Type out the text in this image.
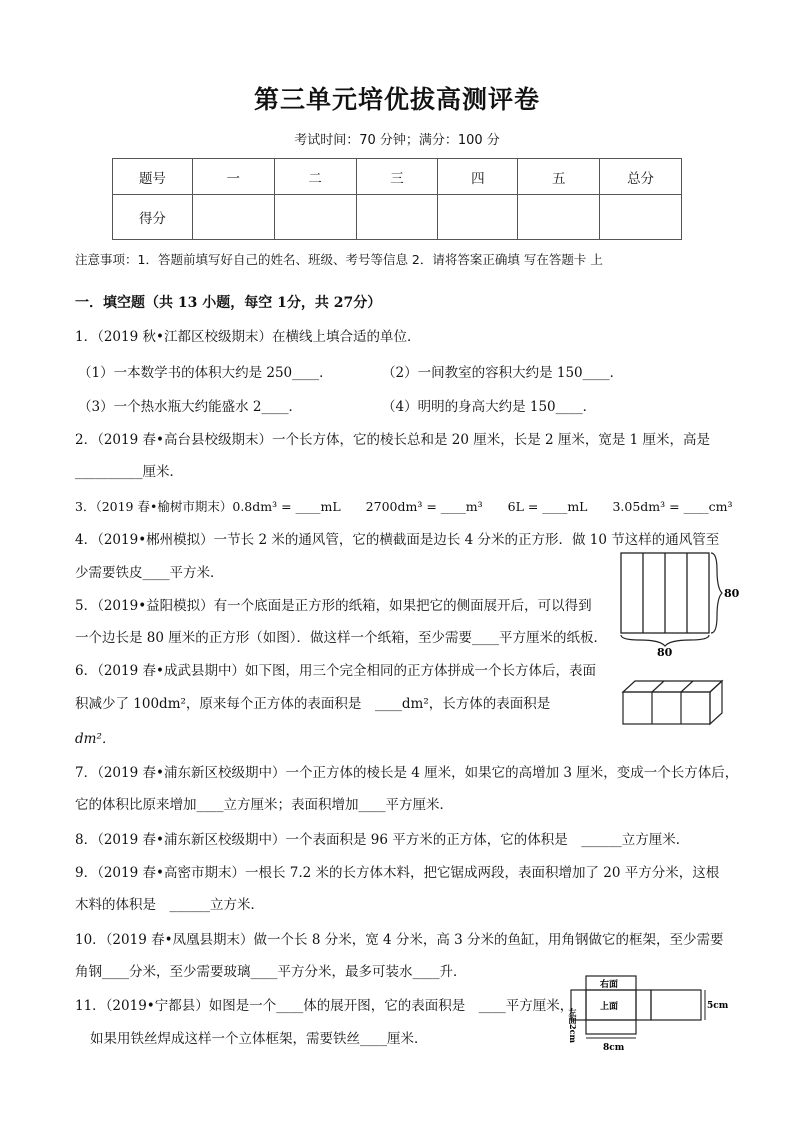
第三单元培优拔高测评卷
考试时间：70 分钟；满分：100 分
题号	一	二	三	四	五	总分
得分						
注意事项：1．答题前填写好自己的姓名、班级、考号等信息 2．请将答案正确填 写在答题卡 上
一．填空题（共 13 小题，每空 1分，共 27分）
1．（2019 秋•江都区校级期末）在横线上填合适的单位．
（1）一本数学书的体积大约是 250____．	（2）一间教室的容积大约是 150____．
（3）一个热水瓶大约能盛水 2____．	（4）明明的身高大约是 150____．
2．（2019 春•高台县校级期末）一个长方体，它的棱长总和是 20 厘米，长是 2 厘米，宽是 1 厘米，高是
__________厘米．
3．（2019 春•榆树市期末）0.8dm³ = ____mL　　2700dm³ = ____m³　　6L = ____mL　　3.05dm³ = ____cm³
4．（2019•郴州模拟）一节长 2 米的通风管，它的横截面是边长 4 分米的正方形．做 10 节这样的通风管至
少需要铁皮____平方米．
5．（2019•益阳模拟）有一个底面是正方形的纸箱，如果把它的侧面展开后，可以得到
一个边长是 80 厘米的正方形（如图）．做这样一个纸箱，至少需要____平方厘米的纸板．
6．（2019 春•成武县期中）如下图，用三个完全相同的正方体拼成一个长方体后，表面
积减少了 100dm²，原来每个正方体的表面积是　____dm²，长方体的表面积是
dm²．
7．（2019 春•浦东新区校级期中）一个正方体的棱长是 4 厘米，如果它的高增加 3 厘米，变成一个长方体后，
它的体积比原来增加____立方厘米；表面积增加____平方厘米．
8．（2019 春•浦东新区校级期中）一个表面积是 96 平方米的正方体，它的体积是　______立方厘米．
9．（2019 春•高密市期末）一根长 7.2 米的长方体木料，把它锯成两段，表面积增加了 20 平方分米，这根
木料的体积是　______立方米．
10．（2019 春•凤凰县期末）做一个长 8 分米，宽 4 分米，高 3 分米的鱼缸，用角钢做它的框架，至少需要
角钢____分米，至少需要玻璃____平方分米，最多可装水____升．
11．（2019•宁都县）如图是一个____体的展开图，它的表面积是　____平方厘米，
如果用铁丝焊成这样一个立体框架，需要铁丝____厘米．
80
80
右面
上面
左面
5cm
8cm
2cm
